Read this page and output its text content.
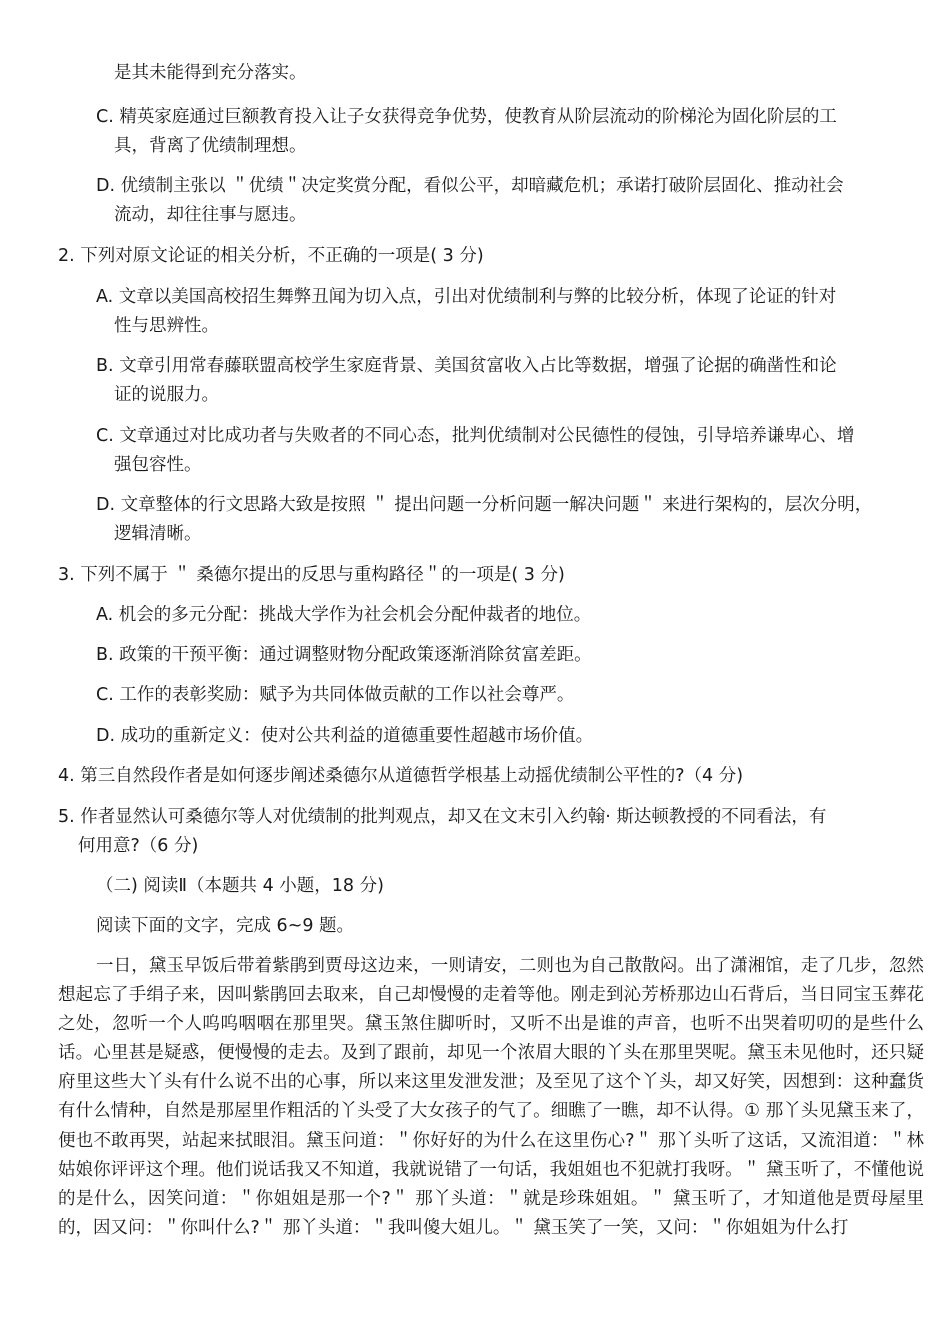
是其未能得到充分落实。
C. 精英家庭通过巨额教育投入让子女获得竞争优势，使教育从阶层流动的阶梯沦为固化阶层的工
具，背离了优绩制理想。
D. 优绩制主张以 ＂优绩＂决定奖赏分配，看似公平，却暗藏危机；承诺打破阶层固化、推动社会
流动，却往往事与愿违。
2. 下列对原文论证的相关分析，不正确的一项是( 3 分)
A. 文章以美国高校招生舞弊丑闻为切入点，引出对优绩制利与弊的比较分析，体现了论证的针对
性与思辨性。
B. 文章引用常春藤联盟高校学生家庭背景、美国贫富收入占比等数据，增强了论据的确凿性和论
证的说服力。
C. 文章通过对比成功者与失败者的不同心态，批判优绩制对公民德性的侵蚀，引导培养谦卑心、增
强包容性。
D. 文章整体的行文思路大致是按照 ＂ 提出问题一分析问题一解决问题＂ 来进行架构的，层次分明，
逻辑清晰。
3. 下列不属于 ＂ 桑德尔提出的反思与重构路径＂的一项是( 3 分)
A. 机会的多元分配：挑战大学作为社会机会分配仲裁者的地位。
B. 政策的干预平衡：通过调整财物分配政策逐渐消除贫富差距。
C. 工作的表彰奖励：赋予为共同体做贡献的工作以社会尊严。
D. 成功的重新定义：使对公共利益的道德重要性超越市场价值。
4. 第三自然段作者是如何逐步阐述桑德尔从道德哲学根基上动摇优绩制公平性的?（4 分)
5. 作者显然认可桑德尔等人对优绩制的批判观点，却又在文末引入约翰· 斯达顿教授的不同看法，有
何用意?（6 分)
（二) 阅读Ⅱ（本题共 4 小题，18 分)
阅读下面的文字，完成 6~9 题。
一日，黛玉早饭后带着紫鹃到贾母这边来，一则请安，二则也为自己散散闷。出了潇湘馆，走了几步，忽然想起忘了手绢子来，因叫紫鹃回去取来，自己却慢慢的走着等他。刚走到沁芳桥那边山石背后，当日同宝玉葬花之处，忽听一个人呜呜咽咽在那里哭。黛玉煞住脚听时，又听不出是谁的声音，也听不出哭着叨叨的是些什么话。心里甚是疑惑，便慢慢的走去。及到了跟前，却见一个浓眉大眼的丫头在那里哭呢。黛玉未见他时，还只疑府里这些大丫头有什么说不出的心事，所以来这里发泄发泄；及至见了这个丫头，却又好笑，因想到：这种蠢货有什么情种，自然是那屋里作粗活的丫头受了大女孩子的气了。细瞧了一瞧，却不认得。① 那丫头见黛玉来了，便也不敢再哭，站起来拭眼泪。黛玉问道：＂你好好的为什么在这里伤心?＂ 那丫头听了这话，又流泪道：＂林姑娘你评评这个理。他们说话我又不知道，我就说错了一句话，我姐姐也不犯就打我呀。＂ 黛玉听了，不懂他说的是什么，因笑问道：＂你姐姐是那一个?＂ 那丫头道：＂就是珍珠姐姐。＂ 黛玉听了，才知道他是贾母屋里的，因又问：＂你叫什么?＂ 那丫头道：＂我叫傻大姐儿。＂ 黛玉笑了一笑，又问：＂你姐姐为什么打
